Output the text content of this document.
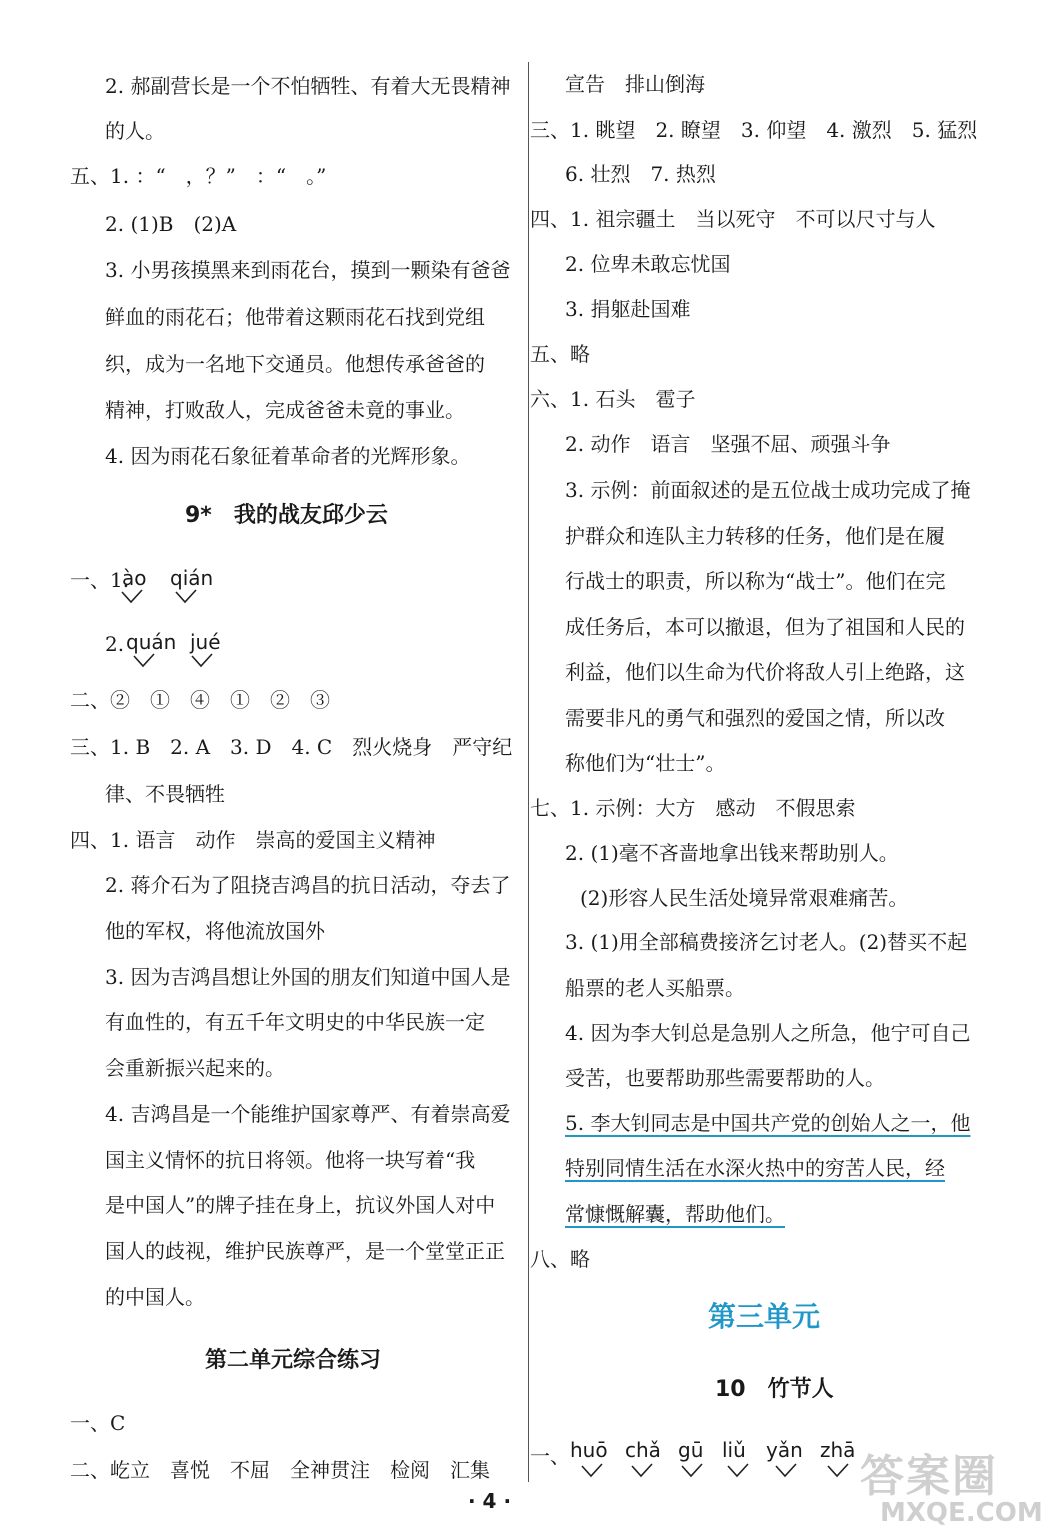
2. 郝副营长是一个不怕牺牲、有着大无畏精神
的人。
五、1. ：“　，？”　：“　。”
2. (1)B　(2)A
3. 小男孩摸黑来到雨花台，摸到一颗染有爸爸
鲜血的雨花石；他带着这颗雨花石找到党组
织，成为一名地下交通员。他想传承爸爸的
精神，打败敌人，完成爸爸未竟的事业。
4. 因为雨花石象征着革命者的光辉形象。
9*　我的战友邱少云
一、1.
ào qián
2. quán jué
二、②　①　④　①　②　③
三、1. B　2. A　3. D　4. C　烈火烧身　严守纪
律、不畏牺牲
四、1. 语言　动作　崇高的爱国主义精神
2. 蒋介石为了阻挠吉鸿昌的抗日活动，夺去了
他的军权，将他流放国外
3. 因为吉鸿昌想让外国的朋友们知道中国人是
有血性的，有五千年文明史的中华民族一定
会重新振兴起来的。
4. 吉鸿昌是一个能维护国家尊严、有着崇高爱
国主义情怀的抗日将领。他将一块写着“我
是中国人”的牌子挂在身上，抗议外国人对中
国人的歧视，维护民族尊严，是一个堂堂正正
的中国人。
第二单元综合练习
一、C
二、屹立　喜悦　不屈　全神贯注　检阅　汇集
宣告　排山倒海
三、1. 眺望　2. 瞭望　3. 仰望　4. 激烈　5. 猛烈
6. 壮烈　7. 热烈
四、1. 祖宗疆土　当以死守　不可以尺寸与人
2. 位卑未敢忘忧国
3. 捐躯赴国难
五、略
六、1. 石头　雹子
2. 动作　语言　坚强不屈、顽强斗争
3. 示例：前面叙述的是五位战士成功完成了掩
护群众和连队主力转移的任务，他们是在履
行战士的职责，所以称为“战士”。他们在完
成任务后，本可以撤退，但为了祖国和人民的
利益，他们以生命为代价将敌人引上绝路，这
需要非凡的勇气和强烈的爱国之情，所以改
称他们为“壮士”。
七、1. 示例：大方　感动　不假思索
2. (1)毫不吝啬地拿出钱来帮助别人。
(2)形容人民生活处境异常艰难痛苦。
3. (1)用全部稿费接济乞讨老人。(2)替买不起
船票的老人买船票。
4. 因为李大钊总是急别人之所急，他宁可自己
受苦，也要帮助那些需要帮助的人。
5. 李大钊同志是中国共产党的创始人之一，他
特别同情生活在水深火热中的穷苦人民，经
常慷慨解囊，帮助他们。
八、略
第三单元
10　竹节人
一、 huō chǎ gū liǔ yǎn zhā
· 4 ·	答案圈
MXQE.COM
